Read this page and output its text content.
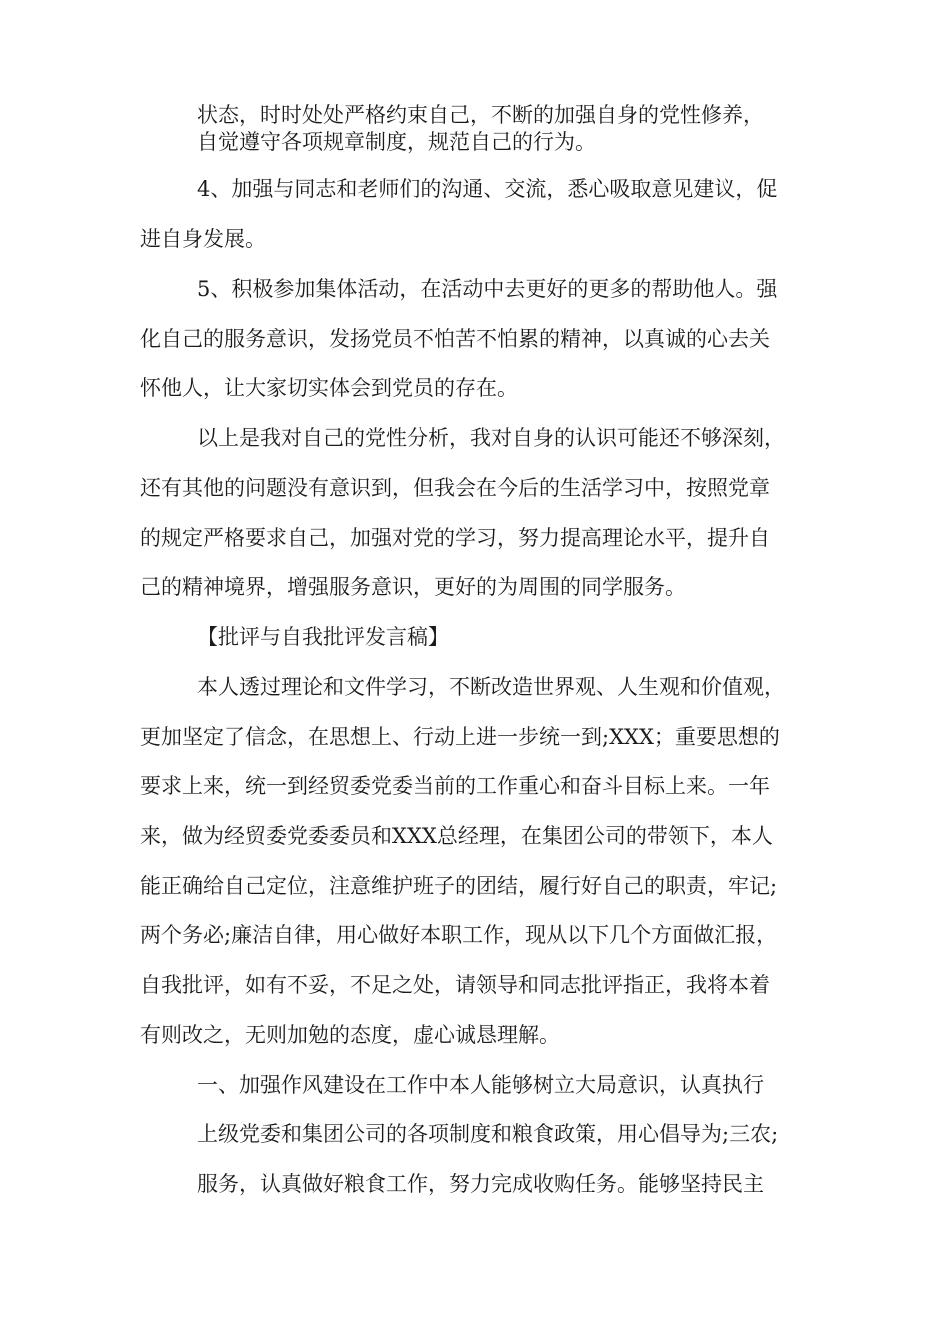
状态，时时处处严格约束自己，不断的加强自身的党性修养，
自觉遵守各项规章制度，规范自己的行为。
4、加强与同志和老师们的沟通、交流，悉心吸取意见建议，促
进自身发展。
5、积极参加集体活动，在活动中去更好的更多的帮助他人。强
化自己的服务意识，发扬党员不怕苦不怕累的精神，以真诚的心去关
怀他人，让大家切实体会到党员的存在。
以上是我对自己的党性分析，我对自身的认识可能还不够深刻，
还有其他的问题没有意识到，但我会在今后的生活学习中，按照党章
的规定严格要求自己，加强对党的学习，努力提高理论水平，提升自
己的精神境界，增强服务意识，更好的为周围的同学服务。
【批评与自我批评发言稿】
本人透过理论和文件学习，不断改造世界观、人生观和价值观，
更加坚定了信念，在思想上、行动上进一步统一到;XXX；重要思想的
要求上来，统一到经贸委党委当前的工作重心和奋斗目标上来。一年
来，做为经贸委党委委员和XXX总经理，在集团公司的带领下，本人
能正确给自己定位，注意维护班子的团结，履行好自己的职责，牢记;
两个务必;廉洁自律，用心做好本职工作，现从以下几个方面做汇报，
自我批评，如有不妥，不足之处，请领导和同志批评指正，我将本着
有则改之，无则加勉的态度，虚心诚恳理解。
一、加强作风建设在工作中本人能够树立大局意识，认真执行
上级党委和集团公司的各项制度和粮食政策，用心倡导为;三农;
服务，认真做好粮食工作，努力完成收购任务。能够坚持民主
